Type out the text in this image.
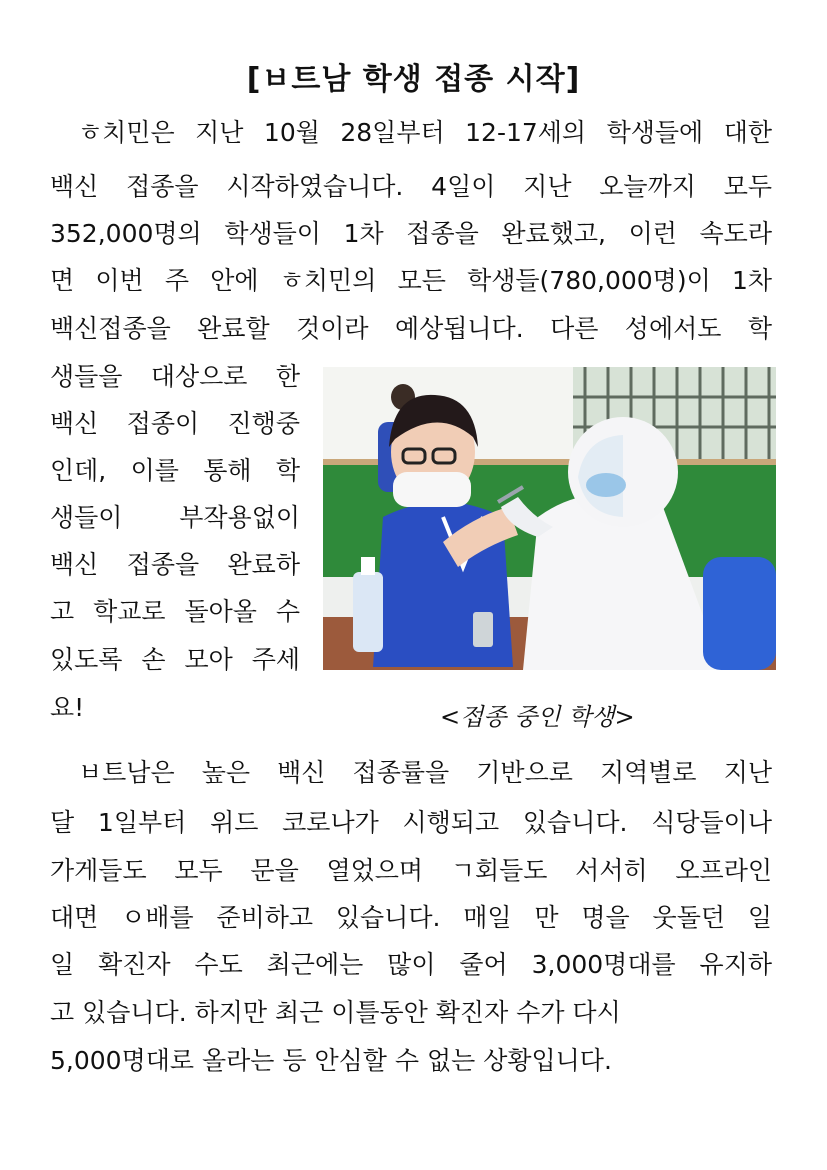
[ㅂ트남 학생 접종 시작]
ㅎ치민은 지난 10월 28일부터 12-17세의 학생들에 대한
백신 접종을 시작하였습니다. 4일이 지난 오늘까지 모두
352,000명의 학생들이 1차 접종을 완료했고, 이런 속도라
면 이번 주 안에 ㅎ치민의 모든 학생들(780,000명)이 1차
백신접종을 완료할 것이라 예상됩니다. 다른 성에서도 학
생들을 대상으로 한
백신 접종이 진행중
인데, 이를 통해 학
생들이 부작용없이
백신 접종을 완료하
고 학교로 돌아올 수
있도록 손 모아 주세
요!	<접종 중인 학생>
ㅂ트남은 높은 백신 접종률을 기반으로 지역별로 지난
달 1일부터 위드 코로나가 시행되고 있습니다. 식당들이나
가게들도 모두 문을 열었으며 ㄱ회들도 서서히 오프라인
대면 ㅇ배를 준비하고 있습니다. 매일 만 명을 웃돌던 일
일 확진자 수도 최근에는 많이 줄어 3,000명대를 유지하
고 있습니다. 하지만 최근 이틀동안 확진자 수가 다시
5,000명대로 올라는 등 안심할 수 없는 상황입니다.
